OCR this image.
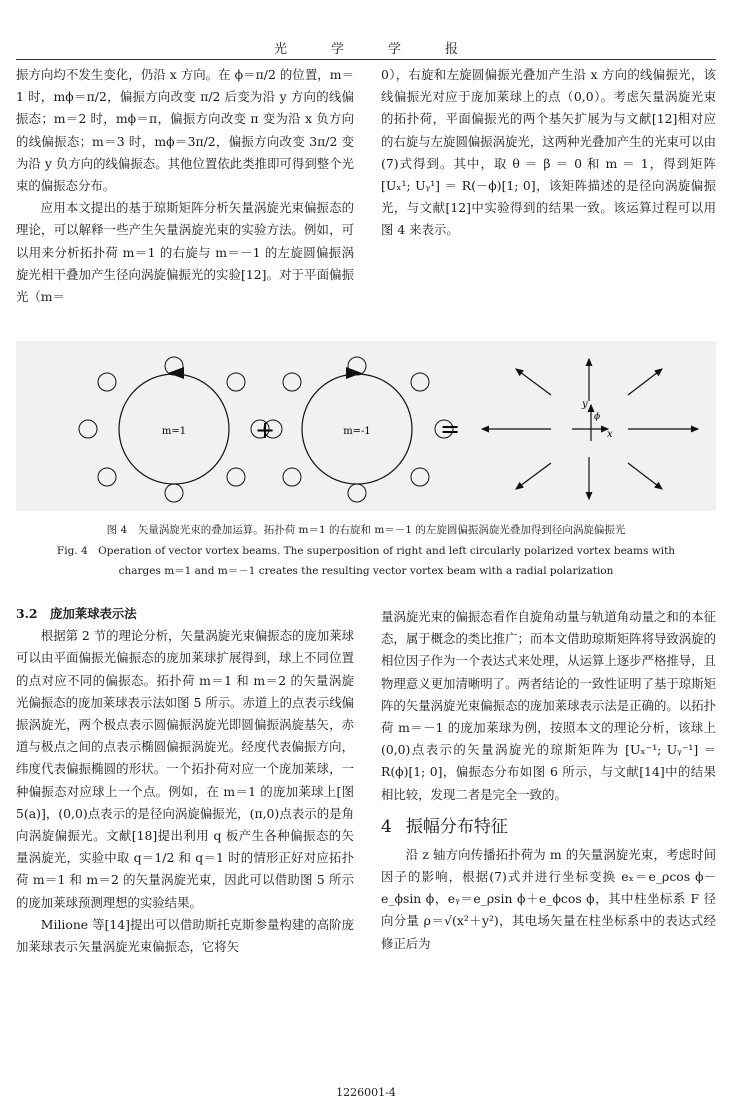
光	学	学	报

振方向均不发生变化，仍沿 x 方向。在 ϕ＝π/2 的位置，m＝1 时，mϕ＝π/2，偏振方向改变 π/2 后变为沿 y 方向的线偏振态；m＝2 时，mϕ＝π，偏振方向改变 π 变为沿 x 负方向的线偏振态；m＝3 时，mϕ＝3π/2，偏振方向改变 3π/2 变为沿 y 负方向的线偏振态。其他位置依此类推即可得到整个光束的偏振态分布。

应用本文提出的基于琼斯矩阵分析矢量涡旋光束偏振态的理论，可以解释一些产生矢量涡旋光束的实验方法。例如，可以用来分析拓扑荷 m＝1 的右旋与 m＝－1 的左旋圆偏振涡旋光相干叠加产生径向涡旋偏振光的实验[12]。对于平面偏振光（m＝

0），右旋和左旋圆偏振光叠加产生沿 x 方向的线偏振光，该线偏振光对应于庞加莱球上的点（0,0）。考虑矢量涡旋光束的拓扑荷，平面偏振光的两个基矢扩展为与文献[12]相对应的右旋与左旋圆偏振涡旋光，这两种光叠加产生的光束可以由(7)式得到。其中，取 θ ＝ β ＝ 0 和 m ＝ 1，得到矩阵 [Uₓ¹; Uᵧ¹] ＝ R(－ϕ)[1; 0]，该矩阵描述的是径向涡旋偏振光，与文献[12]中实验得到的结果一致。该运算过程可以用图 4 来表示。

m=1	+	m=-1	=
y
x
ϕ
图 4　矢量涡旋光束的叠加运算。拓扑荷 m＝1 的右旋和 m＝－1 的左旋圆偏振涡旋光叠加得到径向涡旋偏振光
Fig. 4　Operation of vector vortex beams. The superposition of right and left circularly polarized vortex beams with
charges m＝1 and m＝－1 creates the resulting vector vortex beam with a radial polarization

3.2　庞加莱球表示法

根据第 2 节的理论分析，矢量涡旋光束偏振态的庞加莱球可以由平面偏振光偏振态的庞加莱球扩展得到，球上不同位置的点对应不同的偏振态。拓扑荷 m＝1 和 m＝2 的矢量涡旋光偏振态的庞加莱球表示法如图 5 所示。赤道上的点表示线偏振涡旋光，两个极点表示圆偏振涡旋光即圆偏振涡旋基矢，赤道与极点之间的点表示椭圆偏振涡旋光。经度代表偏振方向，纬度代表偏振椭圆的形状。一个拓扑荷对应一个庞加莱球，一种偏振态对应球上一个点。例如，在 m＝1 的庞加莱球上[图 5(a)]，(0,0)点表示的是径向涡旋偏振光，(π,0)点表示的是角向涡旋偏振光。文献[18]提出利用 q 板产生各种偏振态的矢量涡旋光，实验中取 q＝1/2 和 q＝1 时的情形正好对应拓扑荷 m＝1 和 m＝2 的矢量涡旋光束，因此可以借助图 5 所示的庞加莱球预测理想的实验结果。

Milione 等[14]提出可以借助斯托克斯参量构建的高阶庞加莱球表示矢量涡旋光束偏振态，它将矢

量涡旋光束的偏振态看作自旋角动量与轨道角动量之和的本征态，属于概念的类比推广；而本文借助琼斯矩阵将导致涡旋的相位因子作为一个表达式来处理，从运算上逐步严格推导，且物理意义更加清晰明了。两者结论的一致性证明了基于琼斯矩阵的矢量涡旋光束偏振态的庞加莱球表示法是正确的。以拓扑荷 m＝－1 的庞加莱球为例，按照本文的理论分析，该球上(0,0)点表示的矢量涡旋光的琼斯矩阵为 [Uₓ⁻¹; Uᵧ⁻¹] ＝ R(ϕ)[1; 0]，偏振态分布如图 6 所示，与文献[14]中的结果相比较，发现二者是完全一致的。

4 振幅分布特征

沿 z 轴方向传播拓扑荷为 m 的矢量涡旋光束，考虑时间因子的影响，根据(7)式并进行坐标变换 eₓ＝e_ρcos ϕ－e_ϕsin ϕ，eᵧ＝e_ρsin ϕ＋e_ϕcos ϕ，其中柱坐标系 F 径向分量 ρ＝√(x²＋y²)，其电场矢量在柱坐标系中的表达式经修正后为

1226001-4
